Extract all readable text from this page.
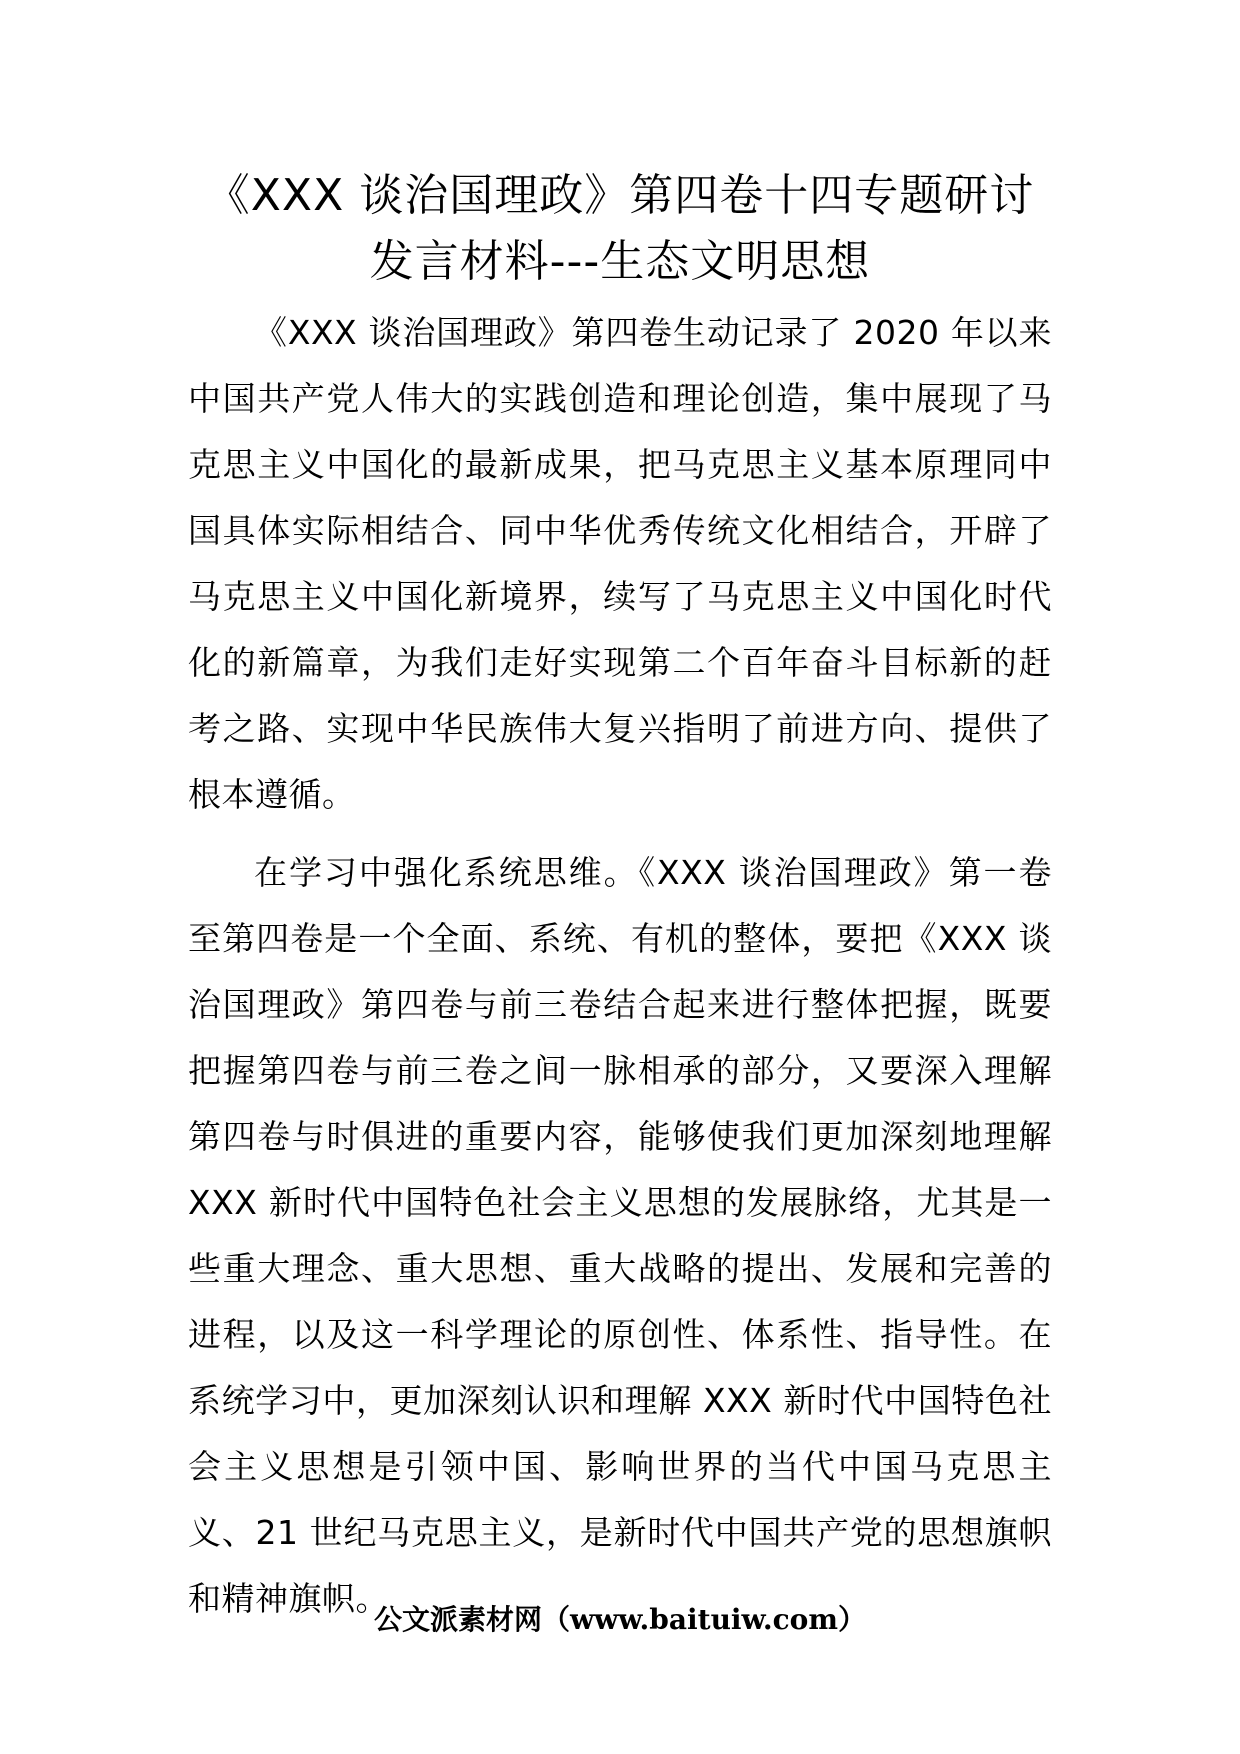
《XXX 谈治国理政》第四卷十四专题研讨发言材料---生态文明思想

《XXX 谈治国理政》第四卷生动记录了 2020 年以来中国共产党人伟大的实践创造和理论创造，集中展现了马克思主义中国化的最新成果，把马克思主义基本原理同中国具体实际相结合、同中华优秀传统文化相结合，开辟了马克思主义中国化新境界，续写了马克思主义中国化时代化的新篇章，为我们走好实现第二个百年奋斗目标新的赶考之路、实现中华民族伟大复兴指明了前进方向、提供了根本遵循。

在学习中强化系统思维。《XXX 谈治国理政》第一卷至第四卷是一个全面、系统、有机的整体，要把《XXX 谈治国理政》第四卷与前三卷结合起来进行整体把握，既要把握第四卷与前三卷之间一脉相承的部分，又要深入理解第四卷与时俱进的重要内容，能够使我们更加深刻地理解 XXX 新时代中国特色社会主义思想的发展脉络，尤其是一些重大理念、重大思想、重大战略的提出、发展和完善的进程，以及这一科学理论的原创性、体系性、指导性。在系统学习中，更加深刻认识和理解 XXX 新时代中国特色社会主义思想是引领中国、影响世界的当代中国马克思主义、21 世纪马克思主义，是新时代中国共产党的思想旗帜和精神旗帜。

公文派素材网（www.baituiw.com）
